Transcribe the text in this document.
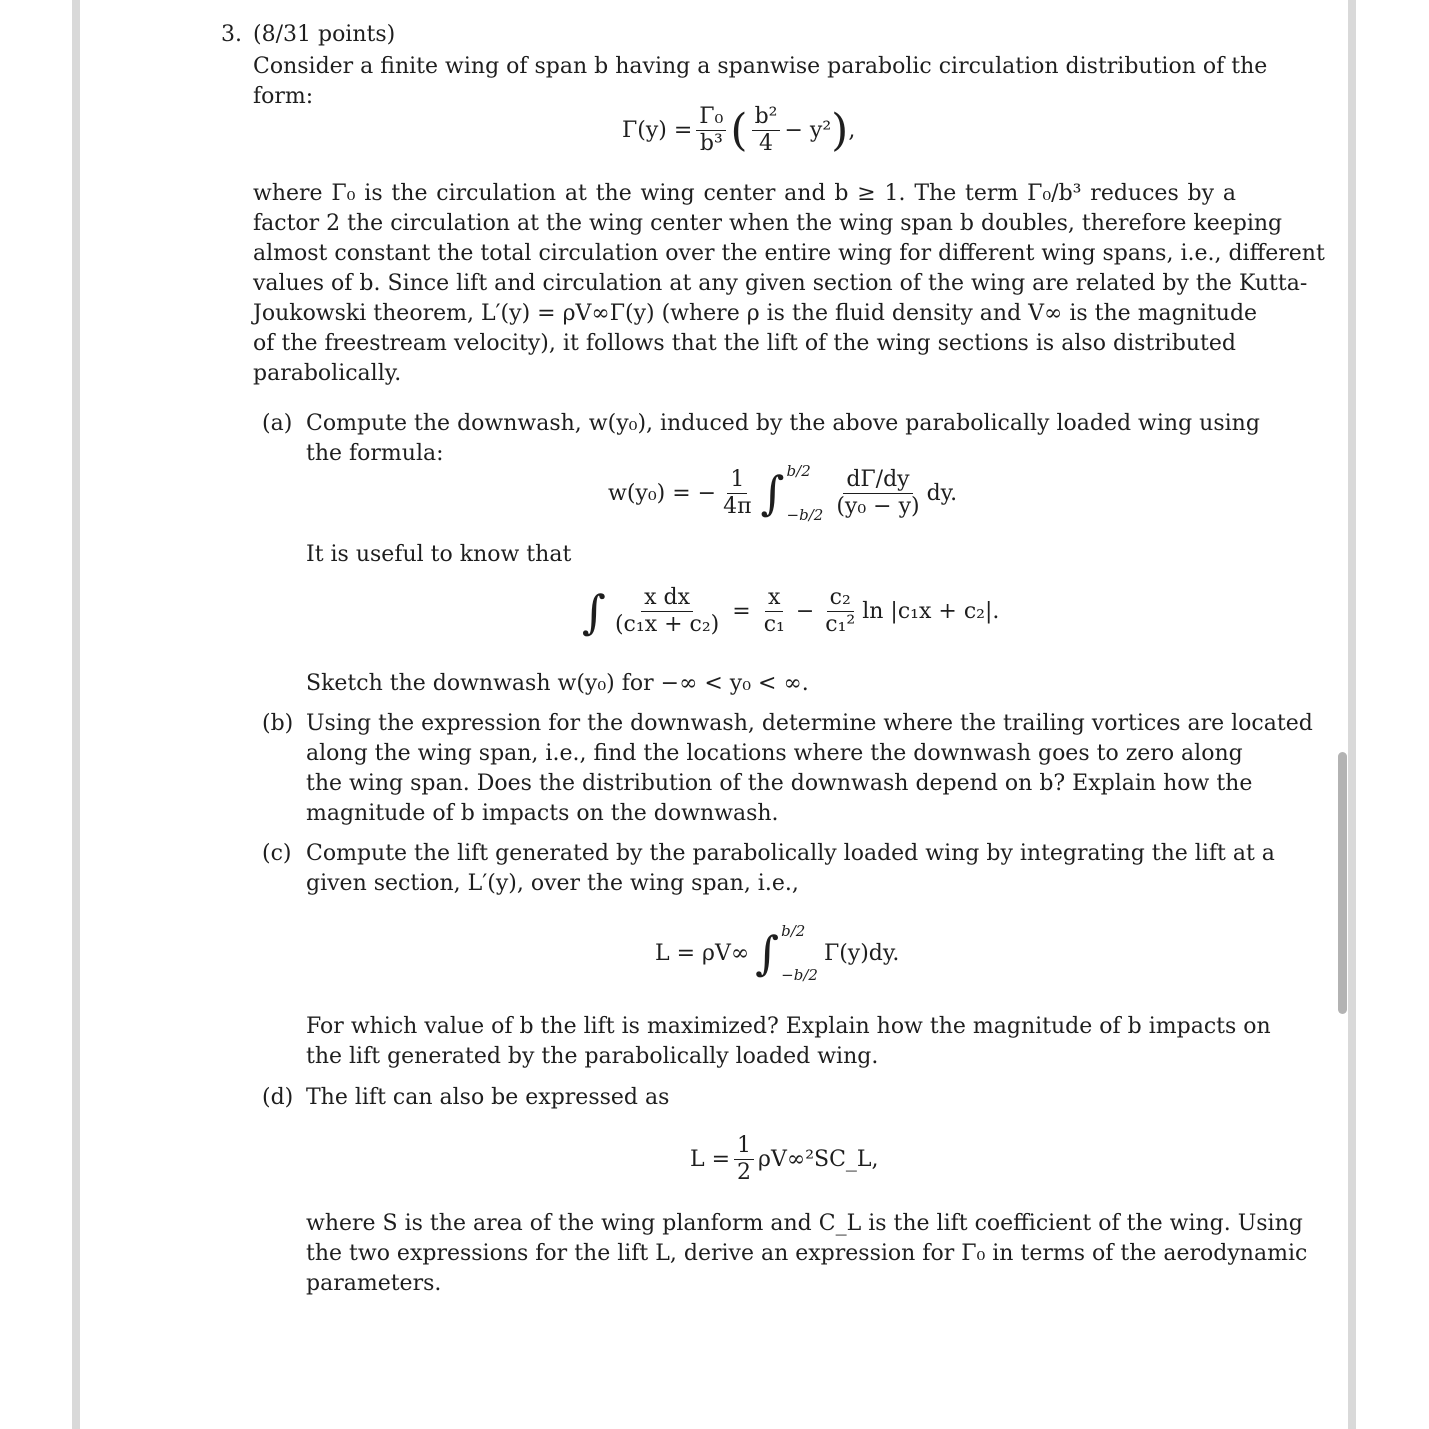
3. (8/31 points)
Consider a finite wing of span b having a spanwise parabolic circulation distribution of the
form:
$\Gamma(y) = \frac{\text{Γ₀}}{\text{b³}}$ ( $\frac{\text{b²}}{4} - y^2$ ) ,
where Γ₀ is the circulation at the wing center and b ≥ 1. The term Γ₀/b³ reduces by a
factor 2 the circulation at the wing center when the wing span b doubles, therefore keeping
almost constant the total circulation over the entire wing for different wing spans, i.e., different
values of b. Since lift and circulation at any given section of the wing are related by the Kutta-
Joukowski theorem, L′(y) = ρV∞Γ(y) (where ρ is the fluid density and V∞ is the magnitude
of the freestream velocity), it follows that the lift of the wing sections is also distributed
parabolically.
(a) Compute the downwash, w(y₀), induced by the above parabolically loaded wing using
the formula:
w(y₀) = − $\frac{1}{4\pi}$ ∫ b/2
$-b/2 \frac{d\Gamma/dy}{\text{(y₀ − y)}}$ dy.
It is useful to know that
∫ $\frac{\text{x dx}}{\text{(c₁x + c₂)}} = \frac{x}{\text{c₁}} - \frac{\text{c₂}}{\text{c₁²}}$ ln |c₁x + c₂|.
Sketch the downwash w(y₀) for −∞ < y₀ < ∞.
(b) Using the expression for the downwash, determine where the trailing vortices are located
along the wing span, i.e., find the locations where the downwash goes to zero along
the wing span. Does the distribution of the downwash depend on b? Explain how the
magnitude of b impacts on the downwash.
(c) Compute the lift generated by the parabolically loaded wing by integrating the lift at a
given section, L′(y), over the wing span, i.e.,
L = ρV∞ ∫ b/2
−b/2
Γ(y)dy.
For which value of b the lift is maximized? Explain how the magnitude of b impacts on
the lift generated by the parabolically loaded wing.
(d) The lift can also be expressed as
$L = \frac{1}{2}$ ρV∞²SC_L,
where S is the area of the wing planform and C_L is the lift coefficient of the wing. Using
the two expressions for the lift L, derive an expression for Γ₀ in terms of the aerodynamic
parameters.
